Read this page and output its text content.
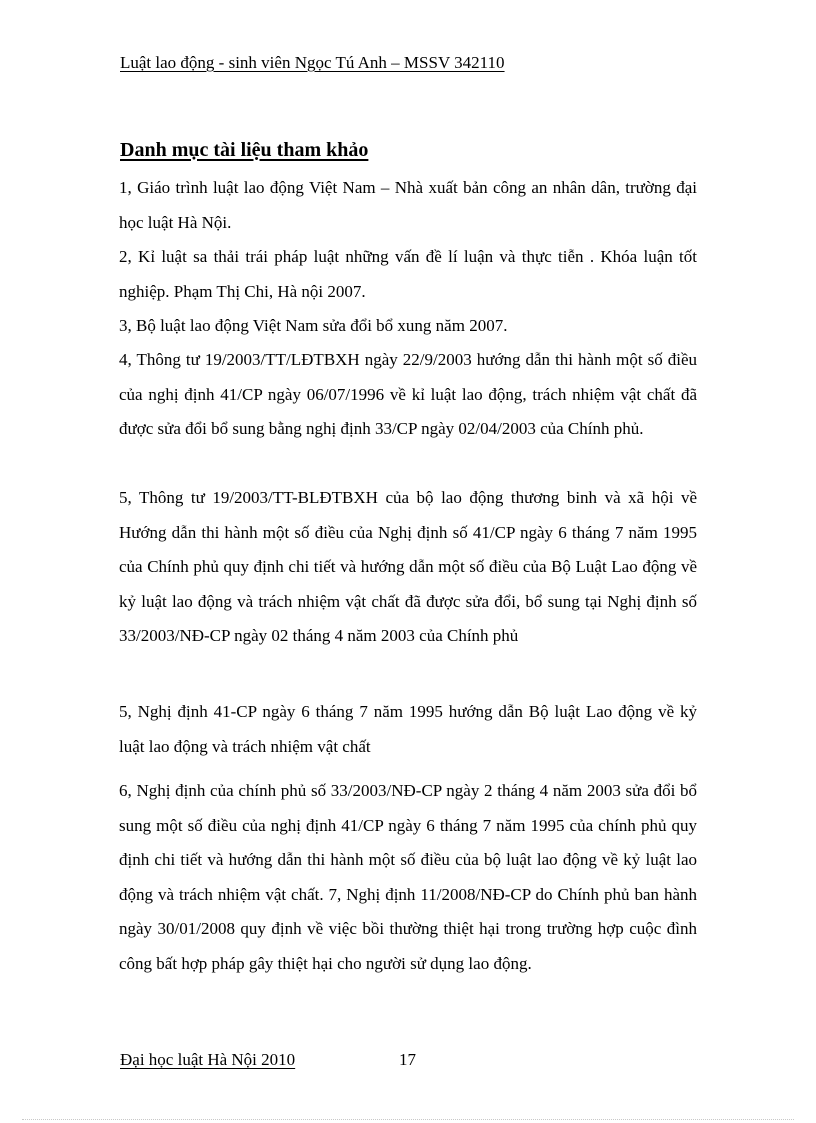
Luật lao động - sinh viên Ngọc Tú Anh – MSSV 342110
Danh mục tài liệu tham khảo
1, Giáo trình luật lao động Việt Nam – Nhà xuất bản công an nhân dân, trường đại học luật Hà Nội.
2, Kỉ luật sa thải trái pháp luật những vấn đề lí luận và thực tiễn . Khóa luận tốt nghiệp. Phạm Thị Chi, Hà nội 2007.
3, Bộ luật lao động Việt Nam sửa đổi bổ xung năm 2007.
4, Thông tư 19/2003/TT/LĐTBXH ngày 22/9/2003 hướng dẫn thi hành một số điều của nghị định 41/CP ngày 06/07/1996 về kỉ luật lao động, trách nhiệm vật chất đã được sửa đổi bổ sung bằng nghị định 33/CP ngày 02/04/2003 của Chính phủ.
5, Thông tư 19/2003/TT-BLĐTBXH của bộ lao động thương binh và xã hội về Hướng dẫn thi hành một số điều của Nghị định số 41/CP ngày 6 tháng 7 năm 1995 của Chính phủ quy định chi tiết và hướng dẫn một số điều của Bộ Luật Lao động về kỷ luật lao động và trách nhiệm vật chất đã được sửa đổi, bổ sung tại Nghị định số 33/2003/NĐ-CP ngày 02 tháng 4 năm 2003 của Chính phủ
5, Nghị định 41-CP ngày 6 tháng 7 năm 1995 hướng dẫn Bộ luật Lao động về kỷ luật lao động và trách nhiệm vật chất
6, Nghị định của chính phủ số 33/2003/NĐ-CP ngày 2 tháng 4 năm 2003 sửa đổi bổ sung một số điều của nghị định 41/CP ngày 6 tháng 7 năm 1995 của chính phủ quy định chi tiết và hướng dẫn thi hành một số điều của bộ luật lao động về kỷ luật lao động và trách nhiệm vật chất. 7, Nghị định 11/2008/NĐ-CP do Chính phủ ban hành ngày 30/01/2008 quy định về việc bồi thường thiệt hại trong trường hợp cuộc đình công bất hợp pháp gây thiệt hại cho người sử dụng lao động.
Đại học luật Hà Nội 2010	17
